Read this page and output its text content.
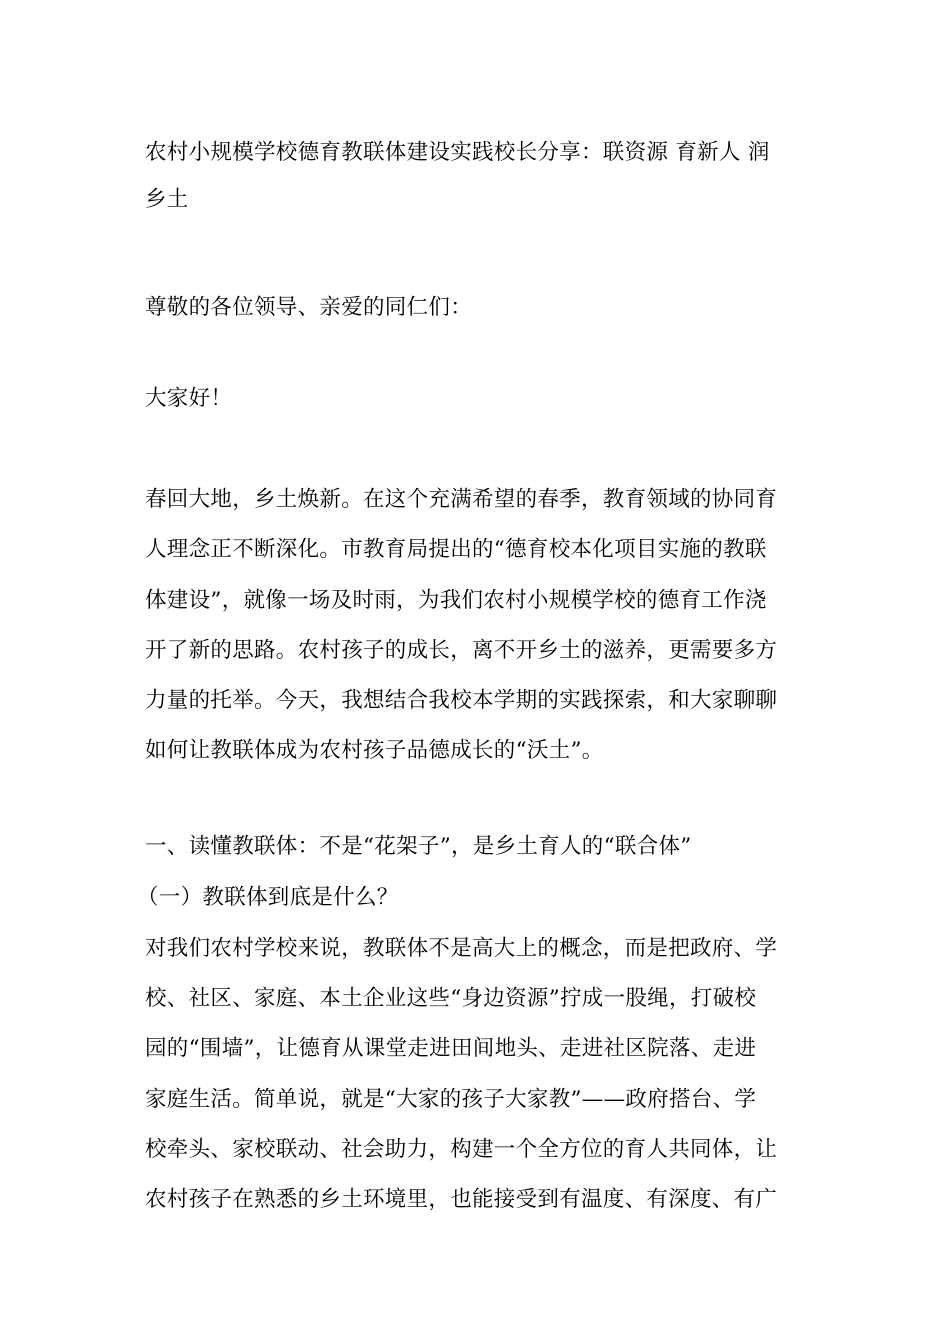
农村小规模学校德育教联体建设实践校长分享：联资源 育新人 润
乡土
尊敬的各位领导、亲爱的同仁们：
大家好！
春回大地，乡土焕新。在这个充满希望的春季，教育领域的协同育
人理念正不断深化。市教育局提出的“德育校本化项目实施的教联
体建设”，就像一场及时雨，为我们农村小规模学校的德育工作浇
开了新的思路。农村孩子的成长，离不开乡土的滋养，更需要多方
力量的托举。今天，我想结合我校本学期的实践探索，和大家聊聊
如何让教联体成为农村孩子品德成长的“沃土”。
一、读懂教联体：不是“花架子”，是乡土育人的“联合体”
（一）教联体到底是什么？
对我们农村学校来说，教联体不是高大上的概念，而是把政府、学
校、社区、家庭、本土企业这些“身边资源”拧成一股绳，打破校
园的“围墙”，让德育从课堂走进田间地头、走进社区院落、走进
家庭生活。简单说，就是“大家的孩子大家教”——政府搭台、学
校牵头、家校联动、社会助力，构建一个全方位的育人共同体，让
农村孩子在熟悉的乡土环境里，也能接受到有温度、有深度、有广
